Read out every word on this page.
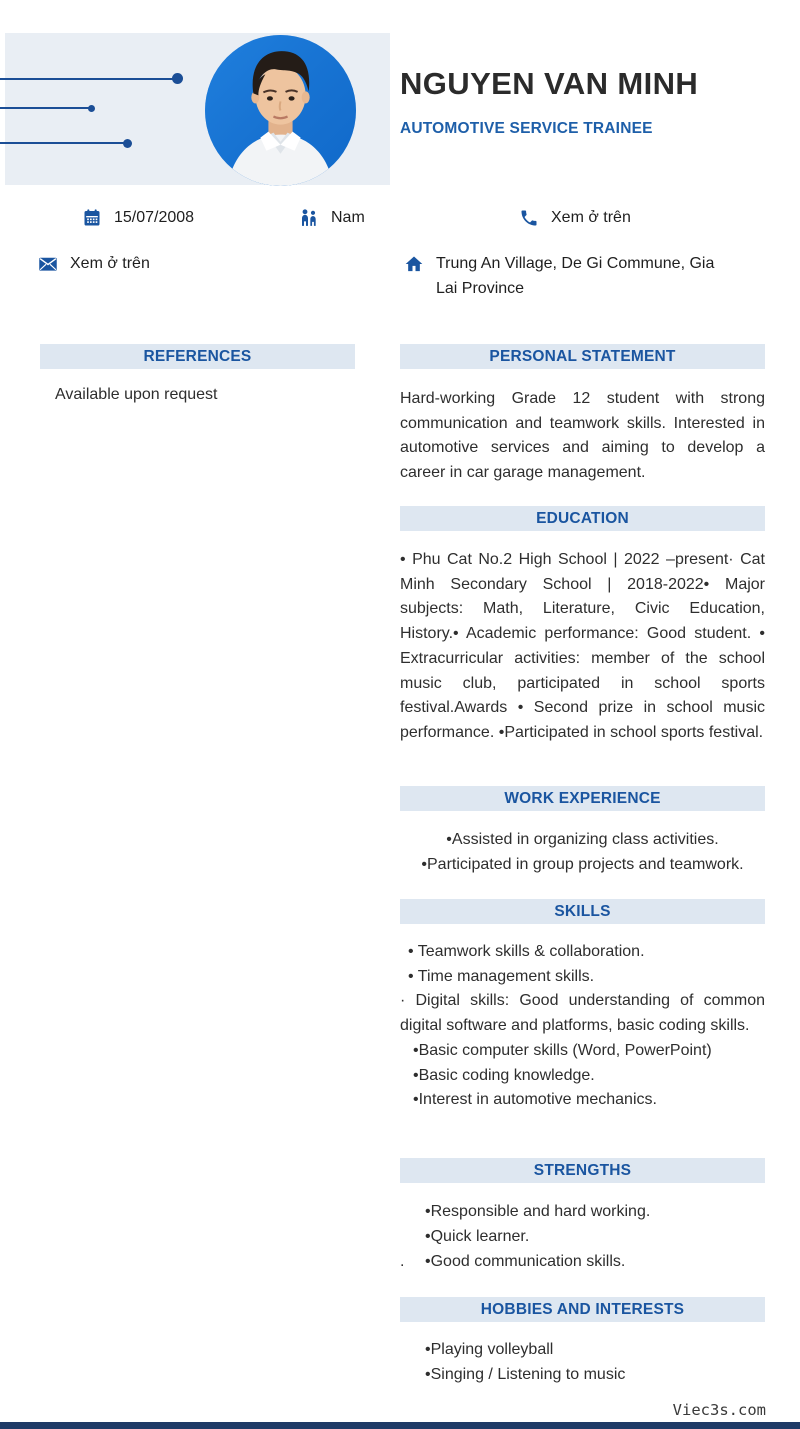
NGUYEN VAN MINH
AUTOMOTIVE SERVICE TRAINEE
15/07/2008	Nam	Xem ở trên
Xem ở trên	Trung An Village, De Gi Commune, Gia Lai Province
REFERENCES
Available upon request
PERSONAL STATEMENT
Hard-working Grade 12 student with strong communication and teamwork skills. Interested in automotive services and aiming to develop a career in car garage management.
EDUCATION
• Phu Cat No.2 High School | 2022 –present· Cat Minh Secondary School | 2018-2022• Major subjects: Math, Literature, Civic Education, History.• Academic performance: Good student. • Extracurricular activities: member of the school music club, participated in school sports festival.Awards • Second prize in school music performance. •Participated in school sports festival.
WORK EXPERIENCE
•Assisted in organizing class activities.
•Participated in group projects and teamwork.
SKILLS
• Teamwork skills & collaboration.
• Time management skills.
· Digital skills: Good understanding of common digital software and platforms, basic coding skills.
•Basic computer skills (Word, PowerPoint)
•Basic coding knowledge.
•Interest in automotive mechanics.
STRENGTHS
•Responsible and hard working.
•Quick learner.
. •Good communication skills.
HOBBIES AND INTERESTS
•Playing volleyball
•Singing / Listening to music
Viec3s.com
